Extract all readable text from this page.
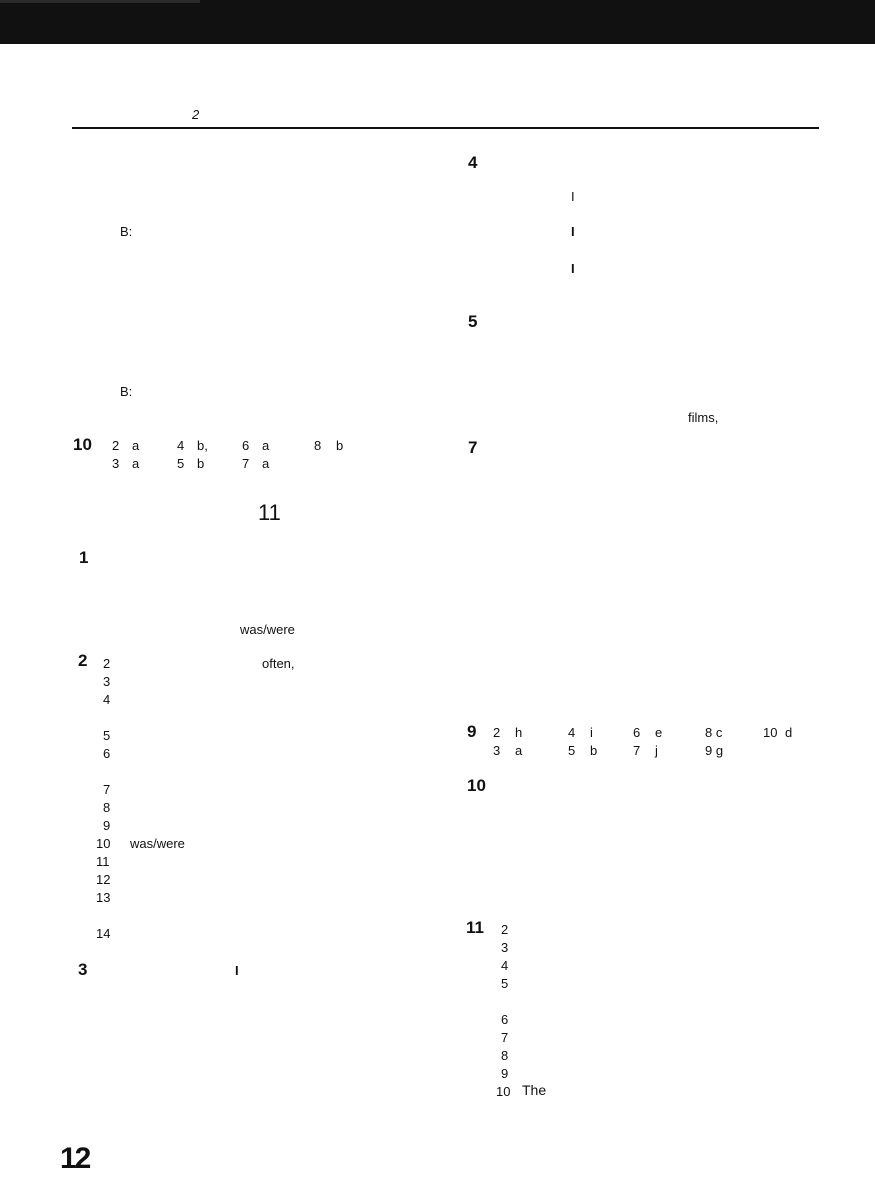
2
B:
B:
10 2 a	4 b,	6 a	8 b
3 a	5 b	7 a
11
1
was/were
2	often,
2
3
4
5
6
7
8
9
10 was/were
11
12
13
14
3	I
4
I
I
I
5
films,
7
9 2 h	4 i	6 e	8 c	10 d
3 a	5 b	7 j	9 g
10
11 2
3
4
5
6
7
8
9
10 The
12
